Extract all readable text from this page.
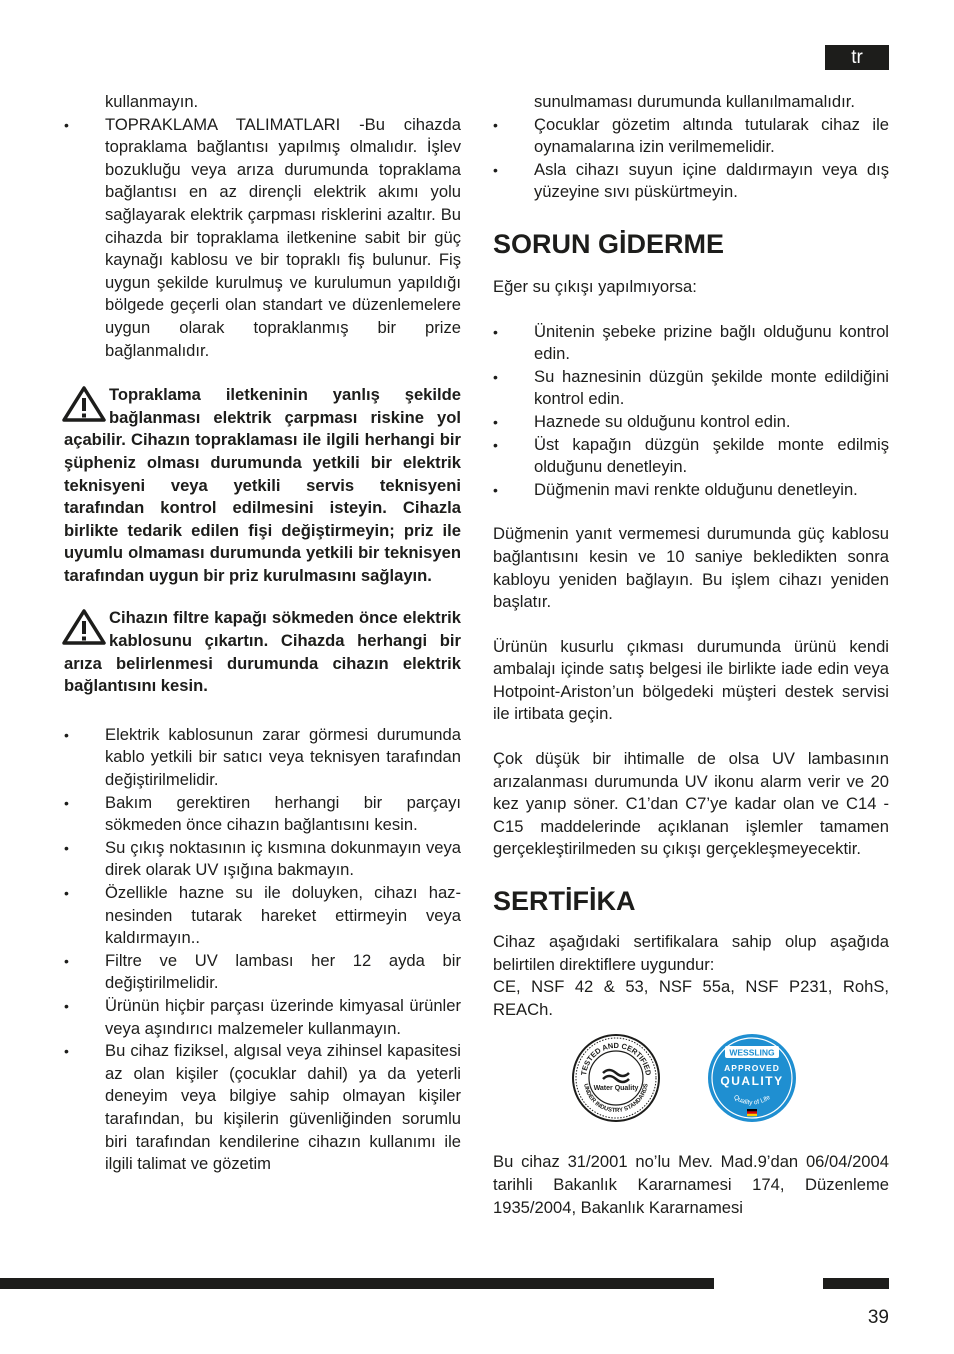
tr

kullanmayın.

• TOPRAKLAMA TALIMATLARI -Bu cihazda topraklama bağlantısı yapılmış olmalıdır. İşlev bozukluğu veya arıza durumunda topraklama bağlantısı en az dirençli elektrik akımı yolu sağlayarak elektrik çarpması risklerini azaltır. Bu cihazda bir topraklama iletkenine sabit bir güç kaynağı kablosu ve bir topraklı fiş bulunur. Fiş uygun şekilde kurulmuş ve kurulumun yapıldığı bölgede geçerli olan standart ve düzenlemelere uygun olarak topraklanmış bir prize bağlanmalıdır.

Topraklama iletkeninin yanlış şekilde bağlanması elektrik çarpması riskine yol açabilir. Cihazın topraklaması ile ilgili herhangi bir şüpheniz olması durumunda yetkili bir elektrik teknisyeni veya yetkili servis teknisyeni tarafından kontrol edilmesini isteyin. Cihazla birlikte tedarik edilen fişi değiştirmeyin; priz ile uyumlu olmaması durumunda yetkili bir teknisyen tarafından uygun bir priz kurulmasını sağlayın.

Cihazın filtre kapağı sökmeden önce elektrik kablosunu çıkartın. Cihazda herhangi bir arıza belirlenmesi durumunda cihazın elektrik bağlantısını kesin.

• Elektrik kablosunun zarar görmesi durumunda kablo yetkili bir satıcı veya teknisyen tarafından değiştirilmelidir.
• Bakım gerektiren herhangi bir parçayı sökmeden önce cihazın bağlantısını kesin.
• Su çıkış noktasının iç kısmına dokunmayın veya direk olarak UV ışığına bakmayın.
• Özellikle hazne su ile doluyken, cihazı haznesinden tutarak hareket ettirmeyin veya kaldırmayın..
• Filtre ve UV lambası her 12 ayda bir değiştirilmelidir.
• Ürünün hiçbir parçası üzerinde kimyasal ürünler veya aşındırıcı malzemeler kullanmayın.
• Bu cihaz fiziksel, algısal veya zihinsel kapasitesi az olan kişiler (çocuklar dahil) ya da yeterli deneyim veya bilgiye sahip olmayan kişiler tarafından, bu kişilerin güvenliğinden sorumlu biri tarafından kendilerine cihazın kullanımı ile ilgili talimat ve gözetim

sunulmaması durumunda kullanılmamalıdır.

• Çocuklar gözetim altında tutularak cihaz ile oynamalarına izin verilmemelidir.
• Asla cihazı suyun içine daldırmayın veya dış yüzeyine sıvı püskürtmeyin.
SORUN GİDERME

Eğer su çıkışı yapılmıyorsa:

• Ünitenin şebeke prizine bağlı olduğunu kontrol edin.
• Su haznesinin düzgün şekilde monte edildiğini kontrol edin.
• Haznede su olduğunu kontrol edin.
• Üst kapağın düzgün şekilde monte edilmiş olduğunu denetleyin.
• Düğmenin mavi renkte olduğunu denetleyin.

Düğmenin yanıt vermemesi durumunda güç kablosu bağlantısını kesin ve 10 saniye bekledikten sonra kabloyu yeniden bağlayın. Bu işlem cihazı yeniden başlatır.

Ürünün kusurlu çıkması durumunda ürünü kendi ambalajı içinde satış belgesi ile birlikte iade edin veya Hotpoint-Ariston’un bölgedeki müşteri destek servisi ile irtibata geçin.

Çok düşük bir ihtimalle de olsa UV lambasının arızalanması durumunda UV ikonu alarm verir ve 20 kez yanıp söner. C1’dan C7’ye kadar olan ve C14 - C15 maddelerinde açıklanan işlemler tamamen gerçekleştirilmeden su çıkışı gerçekleşmeyecektir.

SERTİFİKA

Cihaz aşağıdaki sertifikalara sahip olup aşağıda belirtilen direktiflere uygundur:

CE, NSF 42 & 53, NSF 55a, NSF P231, RohS, REACh.

TESTED AND CERTIFIED
UNDER INDUSTRY STANDARDS
Water Quality
WESSLING
APPROVED
QUALITY
Quality of Life

Bu cihaz 31/2001 no’lu Mev. Mad.9’dan 06/04/2004 tarihli Bakanlık Kararnamesi 174, Düzenleme 1935/2004, Bakanlık Kararnamesi

39
